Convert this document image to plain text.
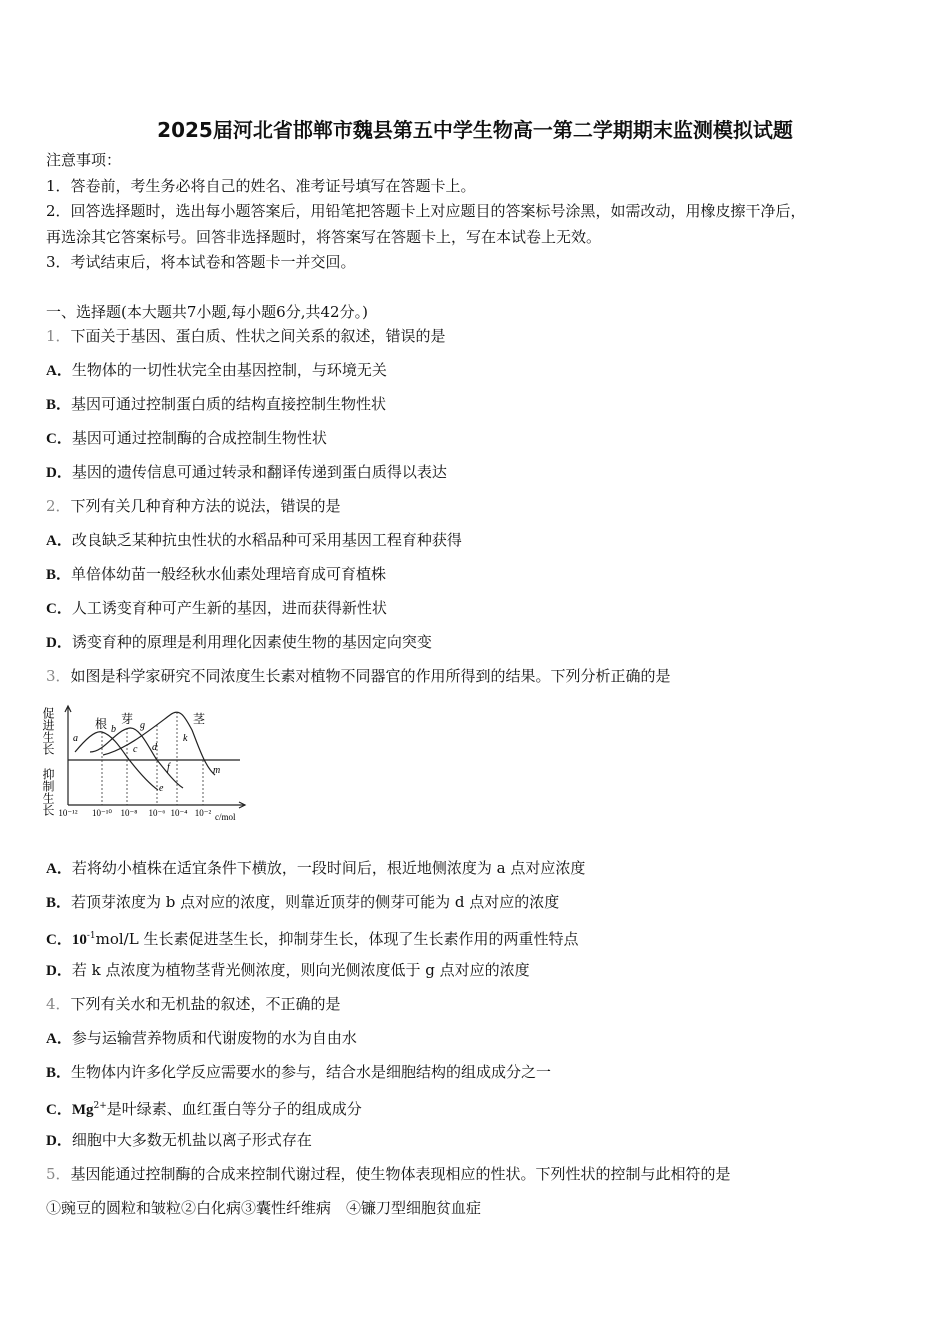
2025届河北省邯郸市魏县第五中学生物高一第二学期期末监测模拟试题
注意事项：
1．答卷前，考生务必将自己的姓名、准考证号填写在答题卡上。
2．回答选择题时，选出每小题答案后，用铅笔把答题卡上对应题目的答案标号涂黑，如需改动，用橡皮擦干净后，
再选涂其它答案标号。回答非选择题时，将答案写在答题卡上，写在本试卷上无效。
3．考试结束后，将本试卷和答题卡一并交回。
一、选择题(本大题共7小题,每小题6分,共42分。)
1．下面关于基因、蛋白质、性状之间关系的叙述，错误的是
A．生物体的一切性状完全由基因控制，与环境无关
B．基因可通过控制蛋白质的结构直接控制生物性状
C．基因可通过控制酶的合成控制生物性状
D．基因的遗传信息可通过转录和翻译传递到蛋白质得以表达
2．下列有关几种育种方法的说法，错误的是
A．改良缺乏某种抗虫性状的水稻品种可采用基因工程育种获得
B．单倍体幼苗一般经秋水仙素处理培育成可育植株
C．人工诱变育种可产生新的基因，进而获得新性状
D．诱变育种的原理是利用理化因素使生物的基因定向突变
3．如图是科学家研究不同浓度生长素对植物不同器官的作用所得到的结果。下列分析正确的是
促进生长
抑制生长
根 芽	茎
a
b
c d
e
f
g
k
m
10⁻¹² 10⁻¹⁰ 10⁻⁸ 10⁻⁶ 10⁻⁴ 10⁻² c/mol
A．若将幼小植株在适宜条件下横放，一段时间后，根近地侧浓度为 a 点对应浓度
B．若顶芽浓度为 b 点对应的浓度，则靠近顶芽的侧芽可能为 d 点对应的浓度
C．$10^{-1}mol/L$ 生长素促进茎生长，抑制芽生长，体现了生长素作用的两重性特点
D．若 k 点浓度为植物茎背光侧浓度，则向光侧浓度低于 g 点对应的浓度
4．下列有关水和无机盐的叙述，不正确的是
A．参与运输营养物质和代谢废物的水为自由水
B．生物体内许多化学反应需要水的参与，结合水是细胞结构的组成成分之一
C．$Mg^{2+}$是叶绿素、血红蛋白等分子的组成成分
D．细胞中大多数无机盐以离子形式存在
5．基因能通过控制酶的合成来控制代谢过程，使生物体表现相应的性状。下列性状的控制与此相符的是
①豌豆的圆粒和皱粒②白化病③囊性纤维病　④镰刀型细胞贫血症
